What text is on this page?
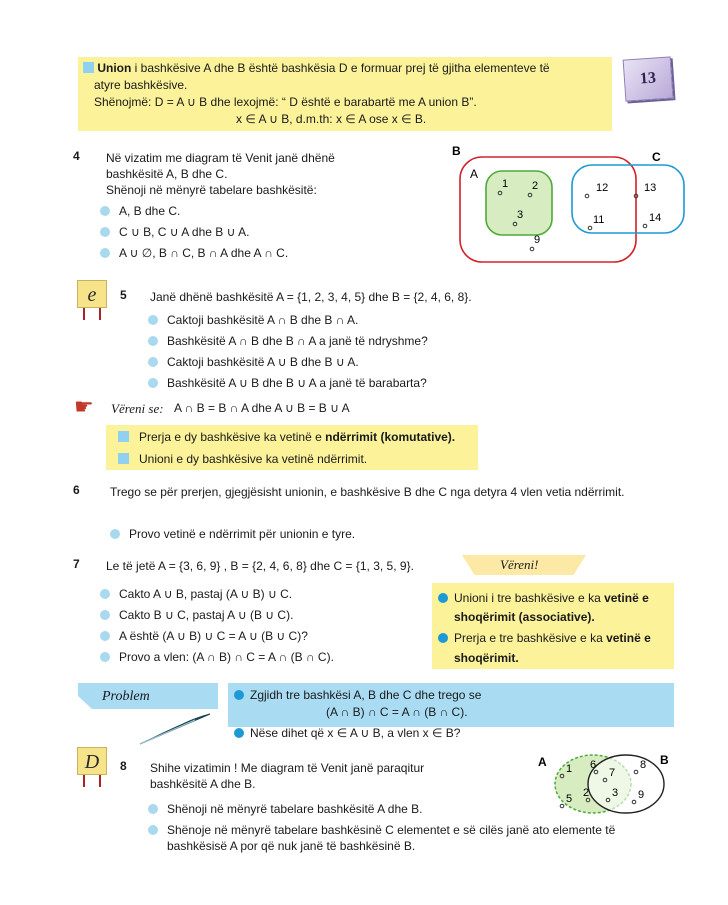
13
Union i bashkësive A dhe B është bashkësia D e formuar prej të gjitha elementeve të
atyre bashkësive.
Shënojmë: D = A ∪ B dhe lexojmë: “ D është e barabartë me A union B”.
x ∈ A ∪ B, d.m.th: x ∈ A ose x ∈ B.
4 Në vizatim me diagram të Venit janë dhënë
bashkësitë A, B dhe C.
Shënoji në mënyrë tabelare bashkësitë:
A, B dhe C.
C ∪ B, C ∪ A dhe B ∪ A.
A ∪ ∅, B ∩ C, B ∩ A dhe A ∩ C.
B	C
A
1 2
3
9
12	13
11	14
e	5 Janë dhënë bashkësitë A = {1, 2, 3, 4, 5} dhe B = {2, 4, 6, 8}.
Caktoji bashkësitë A ∩ B dhe B ∩ A.
Bashkësitë A ∩ B dhe B ∩ A a janë të ndryshme?
Caktoji bashkësitë A ∪ B dhe B ∪ A.
Bashkësitë A ∪ B dhe B ∪ A a janë të barabarta?
☛ Vëreni se: A ∩ B = B ∩ A dhe A ∪ B = B ∪ A
Prerja e dy bashkësive ka vetinë e ndërrimit (komutative).
Unioni e dy bashkësive ka vetinë ndërrimit.
6	Trego se për prerjen, gjegjësisht unionin, e bashkësive B dhe C nga detyra 4 vlen vetia ndërrimit.
Provo vetinë e ndërrimit për unionin e tyre.
7 Le të jetë A = {3, 6, 9} , B = {2, 4, 6, 8} dhe C = {1, 3, 5, 9}.	Vëreni!
Cakto A ∪ B, pastaj (A ∪ B) ∪ C.
Cakto B ∪ C, pastaj A ∪ (B ∪ C).
A është (A ∪ B) ∪ C = A ∪ (B ∪ C)?
Provo a vlen: (A ∩ B) ∩ C = A ∩ (B ∩ C).
Unioni i tre bashkësive e ka vetinë e
shoqërimit (associative).
Prerja e tre bashkësive e ka vetinë e
shoqërimit.
Problem	Zgjidh tre bashkësi A, B dhe C dhe trego se
(A ∩ B) ∩ C = A ∩ (B ∩ C).
Nëse dihet që x ∈ A ∪ B, a vlen x ∈ B?
D	8 Shihe vizatimin ! Me diagram të Venit janë paraqitur
bashkësitë A dhe B.
Shënoji në mënyrë tabelare bashkësitë A dhe B.
Shënoje në mënyrë tabelare bashkësinë C elementet e së cilës janë ato elemente të
bashkësisë A por që nuk janë të bashkësinë B.
A	B
1 6
7
8
5 2 3 9
